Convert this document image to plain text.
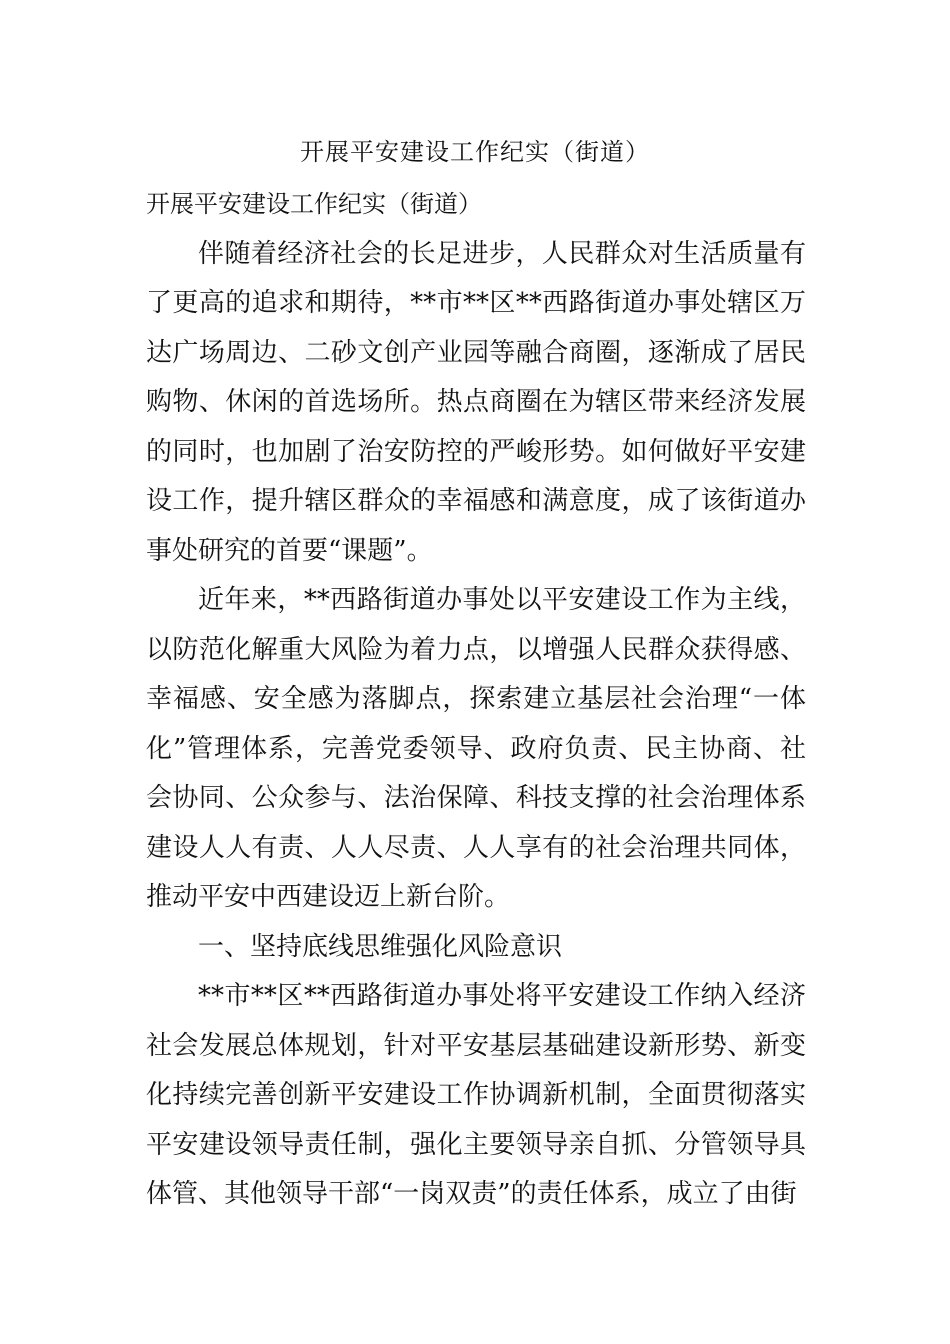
开展平安建设工作纪实（街道）

开展平安建设工作纪实（街道）

伴随着经济社会的长足进步，人民群众对生活质量有了更高的追求和期待，**市**区**西路街道办事处辖区万达广场周边、二砂文创产业园等融合商圈，逐渐成了居民购物、休闲的首选场所。热点商圈在为辖区带来经济发展的同时，也加剧了治安防控的严峻形势。如何做好平安建设工作，提升辖区群众的幸福感和满意度，成了该街道办事处研究的首要“课题”。

近年来，**西路街道办事处以平安建设工作为主线，以防范化解重大风险为着力点，以增强人民群众获得感、幸福感、安全感为落脚点，探索建立基层社会治理“一体化”管理体系，完善党委领导、政府负责、民主协商、社会协同、公众参与、法治保障、科技支撑的社会治理体系建设人人有责、人人尽责、人人享有的社会治理共同体，推动平安中西建设迈上新台阶。

一、坚持底线思维强化风险意识

**市**区**西路街道办事处将平安建设工作纳入经济社会发展总体规划，针对平安基层基础建设新形势、新变化持续完善创新平安建设工作协调新机制，全面贯彻落实平安建设领导责任制，强化主要领导亲自抓、分管领导具体管、其他领导干部“一岗双责”的责任体系，成立了由街
